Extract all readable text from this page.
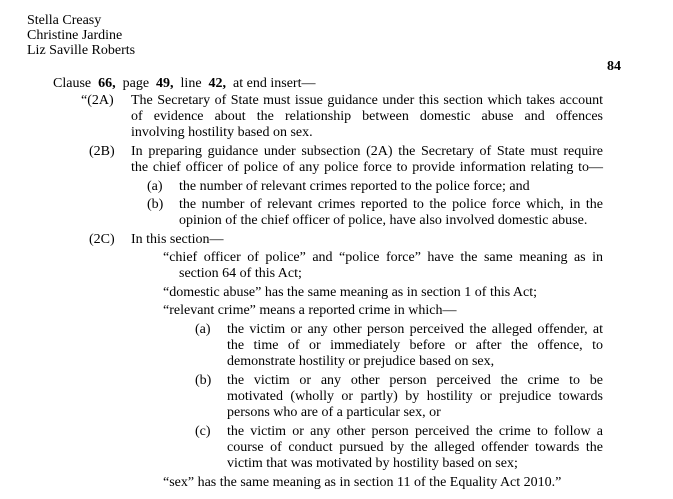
Stella Creasy
Christine Jardine
Liz Saville Roberts
84
Clause 66, page 49, line 42, at end insert—
“(2A) The Secretary of State must issue guidance under this section which takes account
of evidence about the relationship between domestic abuse and offences
involving hostility based on sex.
(2B) In preparing guidance under subsection (2A) the Secretary of State must require
the chief officer of police of any police force to provide information relating to—
(a) the number of relevant crimes reported to the police force; and
(b) the number of relevant crimes reported to the police force which, in the
opinion of the chief officer of police, have also involved domestic abuse.
(2C) In this section—
“chief officer of police” and “police force” have the same meaning as in
section 64 of this Act;
“domestic abuse” has the same meaning as in section 1 of this Act;
“relevant crime” means a reported crime in which—
(a) the victim or any other person perceived the alleged offender, at
the time of or immediately before or after the offence, to
demonstrate hostility or prejudice based on sex,
(b) the victim or any other person perceived the crime to be
motivated (wholly or partly) by hostility or prejudice towards
persons who are of a particular sex, or
(c) the victim or any other person perceived the crime to follow a
course of conduct pursued by the alleged offender towards the
victim that was motivated by hostility based on sex;
“sex” has the same meaning as in section 11 of the Equality Act 2010.”
